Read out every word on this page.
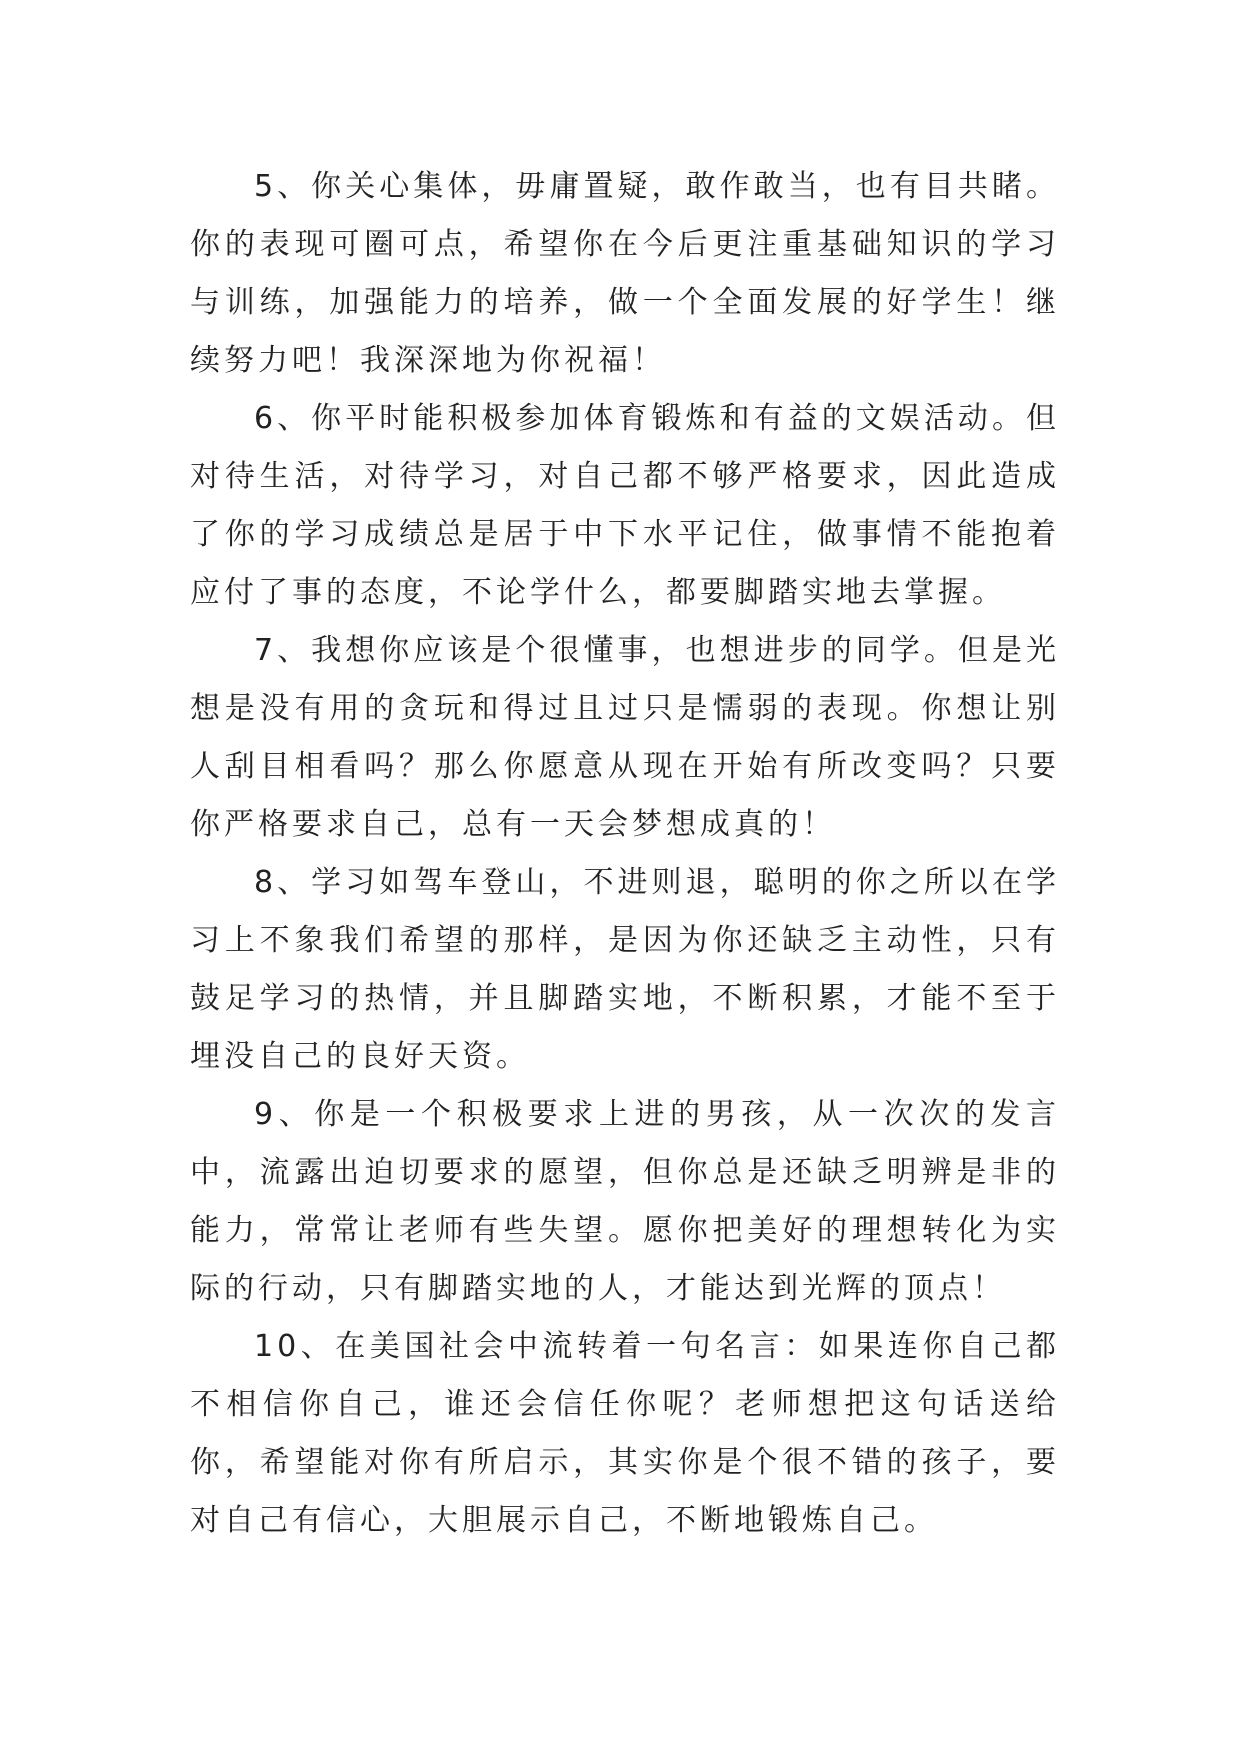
5、你关心集体，毋庸置疑，敢作敢当，也有目共睹。你的表现可圈可点，希望你在今后更注重基础知识的学习与训练，加强能力的培养，做一个全面发展的好学生！继续努力吧！我深深地为你祝福！

6、你平时能积极参加体育锻炼和有益的文娱活动。但对待生活，对待学习，对自己都不够严格要求，因此造成了你的学习成绩总是居于中下水平记住，做事情不能抱着应付了事的态度，不论学什么，都要脚踏实地去掌握。

7、我想你应该是个很懂事，也想进步的同学。但是光想是没有用的贪玩和得过且过只是懦弱的表现。你想让别人刮目相看吗？那么你愿意从现在开始有所改变吗？只要你严格要求自己，总有一天会梦想成真的！

8、学习如驾车登山，不进则退，聪明的你之所以在学习上不象我们希望的那样，是因为你还缺乏主动性，只有鼓足学习的热情，并且脚踏实地，不断积累，才能不至于埋没自己的良好天资。

9、你是一个积极要求上进的男孩，从一次次的发言中，流露出迫切要求的愿望，但你总是还缺乏明辨是非的能力，常常让老师有些失望。愿你把美好的理想转化为实际的行动，只有脚踏实地的人，才能达到光辉的顶点！

10、在美国社会中流转着一句名言：如果连你自己都不相信你自己，谁还会信任你呢？老师想把这句话送给你，希望能对你有所启示，其实你是个很不错的孩子，要对自己有信心，大胆展示自己，不断地锻炼自己。
